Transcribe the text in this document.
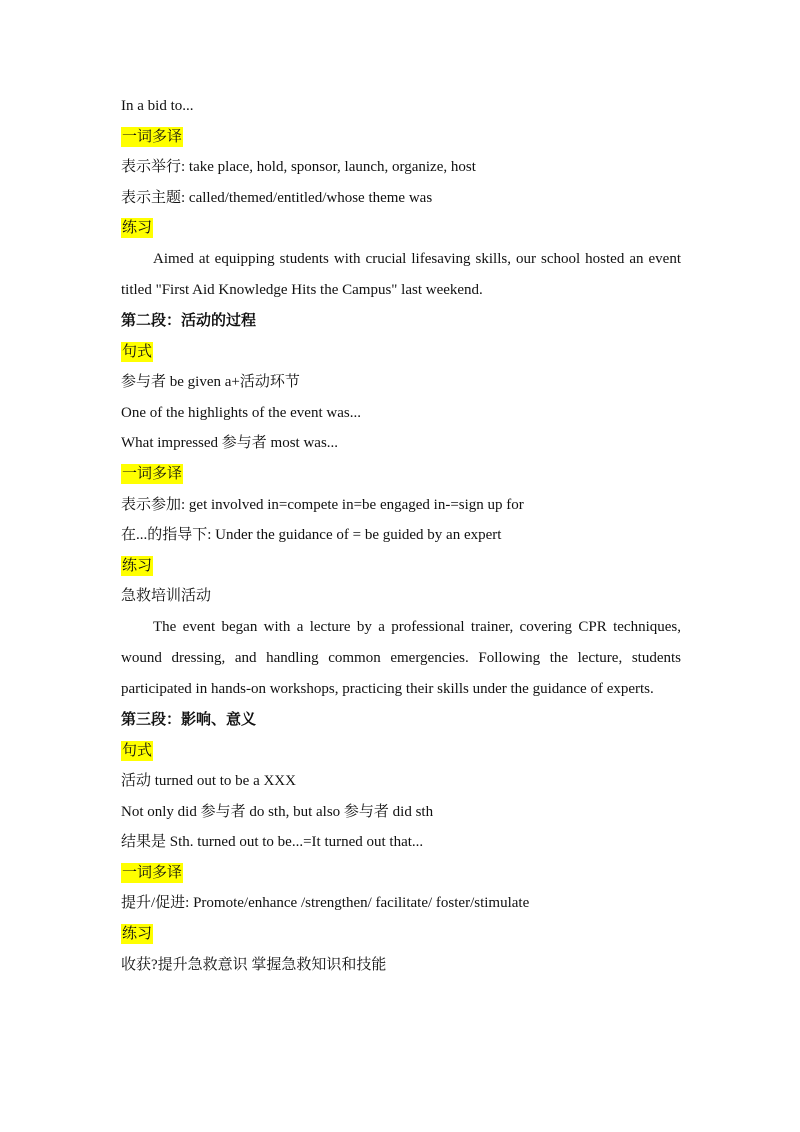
In a bid to...
一词多译
表示举行: take place, hold, sponsor, launch, organize, host
表示主题: called/themed/entitled/whose theme was
练习

Aimed at equipping students with crucial lifesaving skills, our school hosted an event titled "First Aid Knowledge Hits the Campus" last weekend.

第二段：活动的过程
句式
参与者 be given a+活动环节
One of the highlights of the event was...
What impressed 参与者 most was...
一词多译
表示参加: get involved in=compete in=be engaged in-=sign up for
在...的指导下: Under the guidance of = be guided by an expert
练习
急救培训活动

The event began with a lecture by a professional trainer, covering CPR techniques, wound dressing, and handling common emergencies. Following the lecture, students participated in hands-on workshops, practicing their skills under the guidance of experts.

第三段：影响、意义
句式
活动 turned out to be a XXX
Not only did 参与者 do sth, but also 参与者 did sth
结果是 Sth. turned out to be...=It turned out that...
一词多译
提升/促进: Promote/enhance /strengthen/ facilitate/ foster/stimulate
练习
收获?提升急救意识 掌握急救知识和技能
